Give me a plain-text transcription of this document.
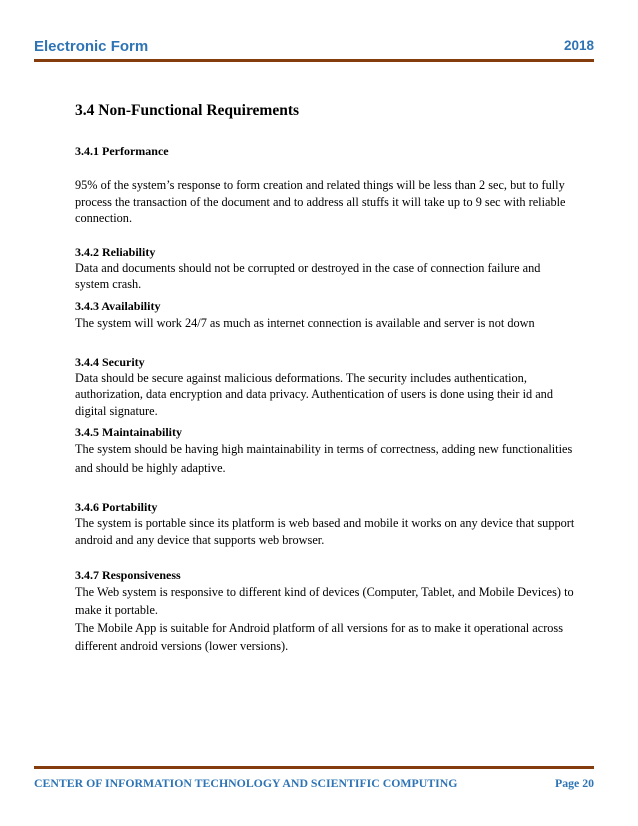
Electronic Form	2018
3.4 Non-Functional Requirements
3.4.1 Performance
95% of the system’s response to form creation and related things will be less than 2 sec, but to fully process the transaction of the document and to address all stuffs it will take up to 9 sec with reliable connection.
3.4.2 Reliability
Data and documents should not be corrupted or destroyed in the case of connection failure and system crash.
3.4.3 Availability
The system will work 24/7 as much as internet connection is available and server is not down
3.4.4 Security
Data should be secure against malicious deformations. The security includes authentication, authorization, data encryption and data privacy. Authentication of users is done using their id and digital signature.
3.4.5 Maintainability
The system should be having high maintainability in terms of correctness, adding new functionalities and should be highly adaptive.
3.4.6 Portability
The system is portable since its platform is web based and mobile it works on any device that support android and any device that supports web browser.
3.4.7 Responsiveness
The Web system is responsive to different kind of devices (Computer, Tablet, and Mobile Devices) to make it portable.
The Mobile App is suitable for Android platform of all versions for as to make it operational across different android versions (lower versions).
CENTER OF INFORMATION TECHNOLOGY AND SCIENTIFIC COMPUTING	Page 20
